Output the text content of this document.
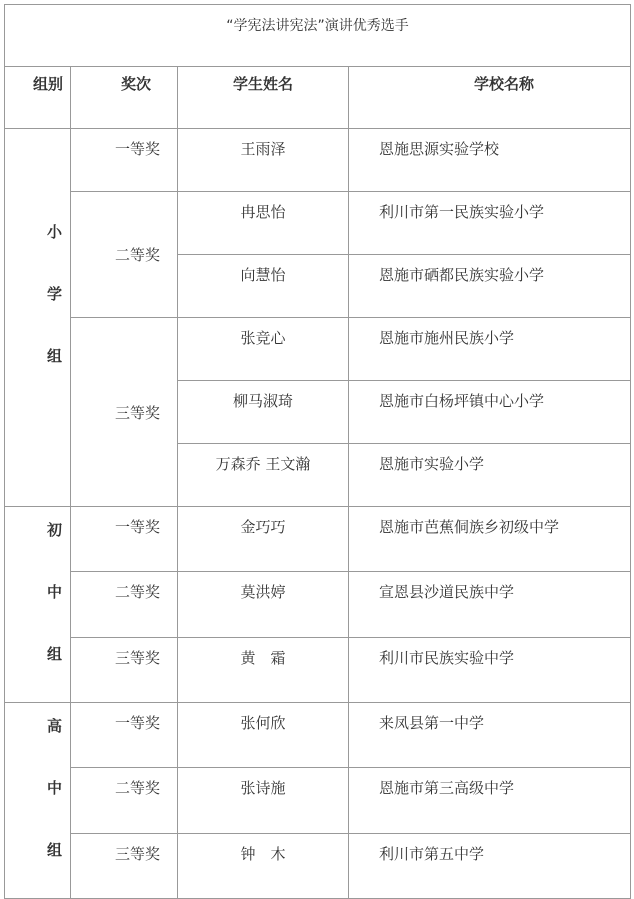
“学宪法讲宪法”演讲优秀选手			
组别	奖次	学生姓名	学校名称

小
学
组	一等奖	王雨泽	恩施思源实验学校
	二等奖	冉思怡	利川市第一民族实验小学
		向慧怡	恩施市硒都民族实验小学
	三等奖	张竞心	恩施市施州民族小学
		柳马淑琦	恩施市白杨坪镇中心小学
		万森乔 王文瀚	恩施市实验小学

初
中
组	一等奖	金巧巧	恩施市芭蕉侗族乡初级中学
	二等奖	莫洪婷	宣恩县沙道民族中学
	三等奖	黄　霜	利川市民族实验中学

高
中
组	一等奖	张何欣	来凤县第一中学
	二等奖	张诗施	恩施市第三高级中学
	三等奖	钟　木	利川市第五中学
